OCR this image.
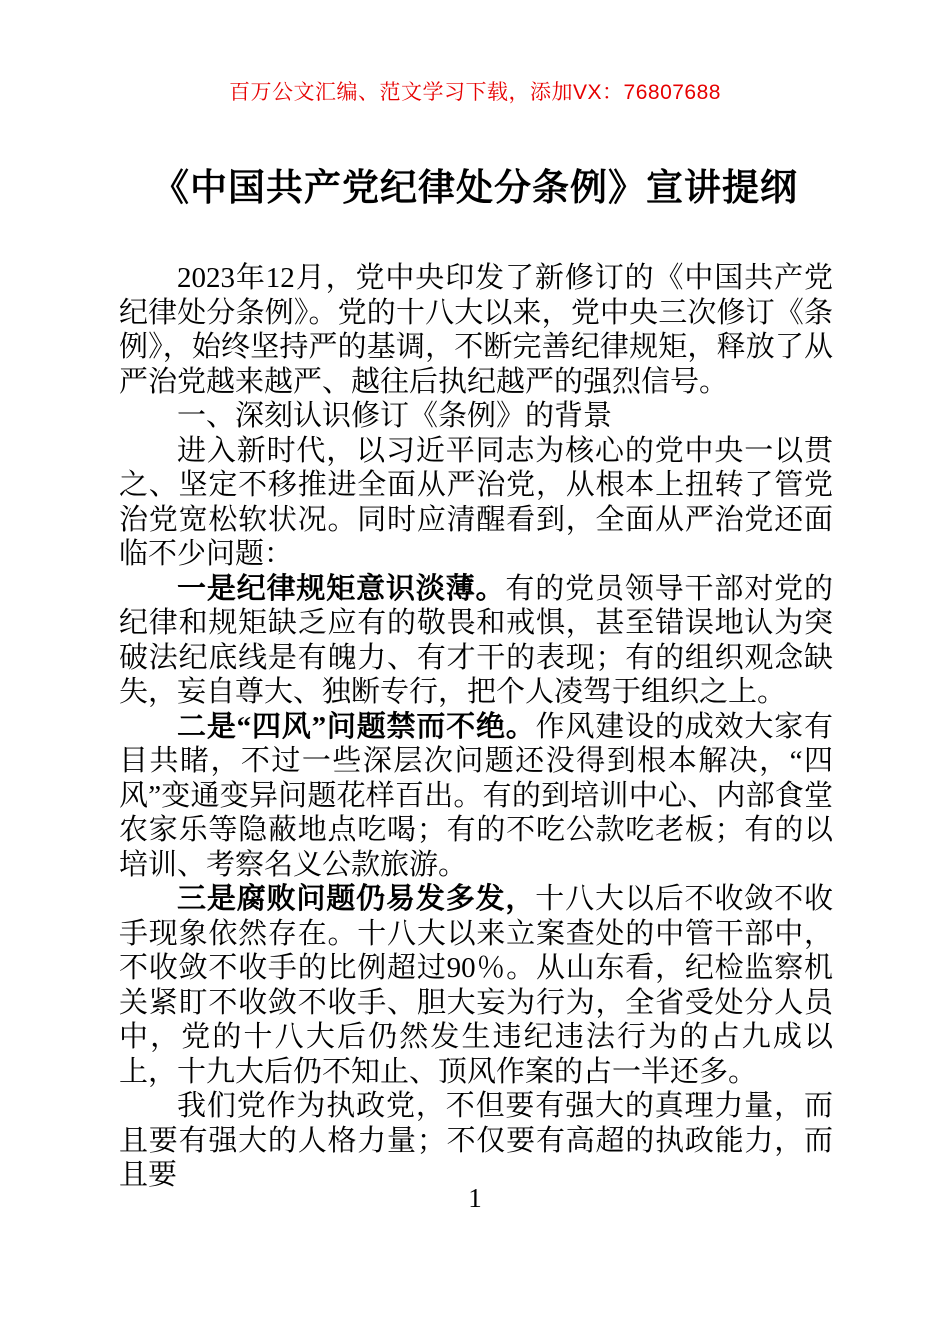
百万公文汇编、范文学习下载，添加VX：76807688
《中国共产党纪律处分条例》宣讲提纲

2023年12月，党中央印发了新修订的《中国共产党纪律处分条例》。党的十八大以来，党中央三次修订《条例》，始终坚持严的基调，不断完善纪律规矩，释放了从严治党越来越严、越往后执纪越严的强烈信号。

一、深刻认识修订《条例》的背景

进入新时代，以习近平同志为核心的党中央一以贯之、坚定不移推进全面从严治党，从根本上扭转了管党治党宽松软状况。同时应清醒看到，全面从严治党还面临不少问题：

一是纪律规矩意识淡薄。有的党员领导干部对党的纪律和规矩缺乏应有的敬畏和戒惧，甚至错误地认为突破法纪底线是有魄力、有才干的表现；有的组织观念缺失，妄自尊大、独断专行，把个人凌驾于组织之上。

二是“四风”问题禁而不绝。作风建设的成效大家有目共睹，不过一些深层次问题还没得到根本解决，“四风”变通变异问题花样百出。有的到培训中心、内部食堂农家乐等隐蔽地点吃喝；有的不吃公款吃老板；有的以培训、考察名义公款旅游。

三是腐败问题仍易发多发，十八大以后不收敛不收手现象依然存在。十八大以来立案查处的中管干部中，不收敛不收手的比例超过90％。从山东看，纪检监察机关紧盯不收敛不收手、胆大妄为行为，全省受处分人员中，党的十八大后仍然发生违纪违法行为的占九成以上，十九大后仍不知止、顶风作案的占一半还多。

我们党作为执政党，不但要有强大的真理力量，而且要有强大的人格力量；不仅要有高超的执政能力，而且要

1
